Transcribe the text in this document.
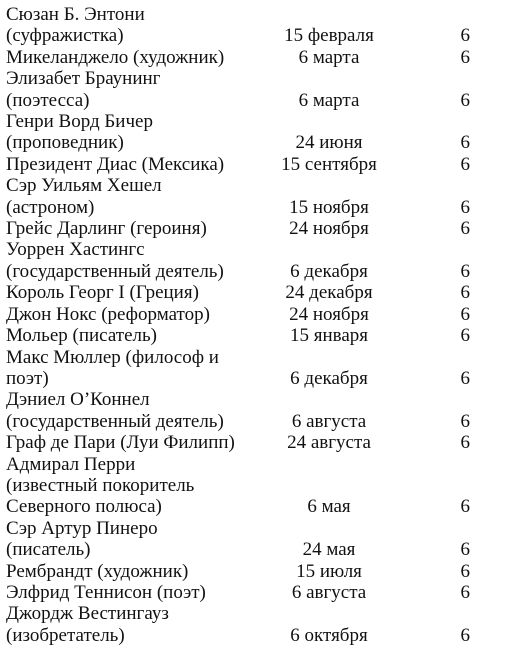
Сюзан Б. Энтони
(суфражистка)	15 февраля	6
Микеланджело (художник)	6 марта	6
Элизабет Браунинг
(поэтесса)	6 марта	6
Генри Ворд Бичер
(проповедник)	24 июня	6
Президент Диас (Мексика)	15 сентября	6
Сэр Уильям Хешел
(астроном)	15 ноября	6
Грейс Дарлинг (героиня)	24 ноября	6
Уоррен Хастингс
(государственный деятель)	6 декабря	6
Король Георг I (Греция)	24 декабря	6
Джон Нокс (реформатор)	24 ноября	6
Мольер (писатель)	15 января	6
Макс Мюллер (философ и
поэт)	6 декабря	6
Дэниел О’Коннел
(государственный деятель)	6 августа	6
Граф де Пари (Луи Филипп)	24 августа	6
Адмирал Перри
(известный покоритель
Северного полюса)	6 мая	6
Сэр Артур Пинеро
(писатель)	24 мая	6
Рембрандт (художник)	15 июля	6
Элфрид Теннисон (поэт)	6 августа	6
Джордж Вестингауз
(изобретатель)	6 октября	6
